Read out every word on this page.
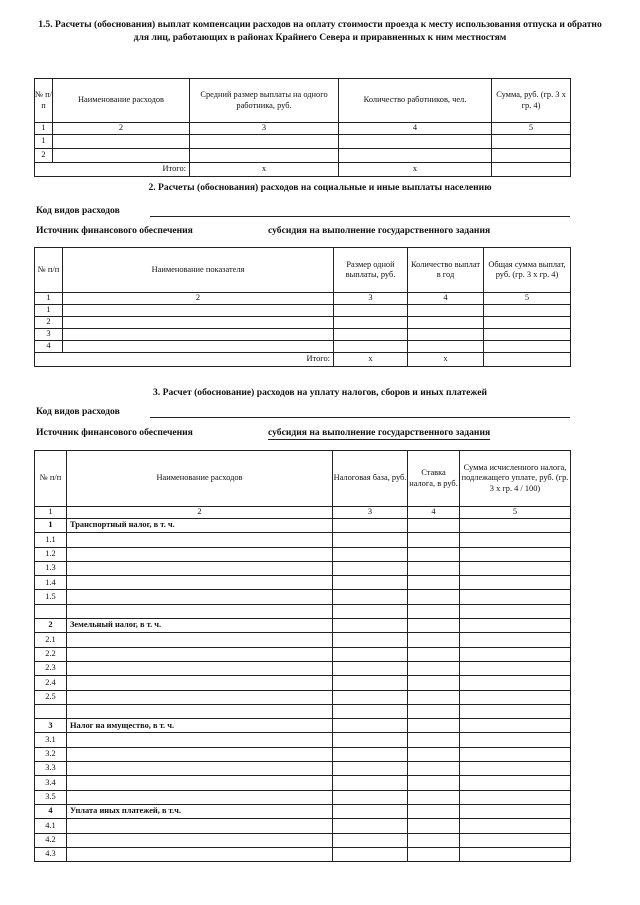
1.5. Расчеты (обоснования) выплат компенсации расходов на оплату стоимости проезда к месту использования отпуска и обратно для лиц, работающих в районах Крайнего Севера и приравненных к ним местностям
№ п/п	Наименование расходов	Средний размер выплаты на одного работника, руб.	Количество работников, чел.	Сумма, руб. (гр. 3 х гр. 4)
1	2	3	4	5
1				
2				
Итого:		х	х	
2. Расчеты (обоснования) расходов на социальные и иные выплаты населению
Код видов расходов
Источник финансового обеспечения	субсидия на выполнение государственного задания
№ п/п	Наименование показателя	Размер одной выплаты, руб.	Количество выплат в год	Общая сумма выплат, руб. (гр. 3 х гр. 4)
1	2	3	4	5
1				
2				
3				
4				
Итого:		х	х	
3. Расчет (обоснование) расходов на уплату налогов, сборов и иных платежей
Код видов расходов
Источник финансового обеспечения	субсидия на выполнение государственного задания
№ п/п	Наименование расходов	Налоговая база, руб.	Ставка налога, в руб.	Сумма исчисленного налога, подлежащего уплате, руб. (гр. 3 х гр. 4 / 100)
1	2	3	4	5
1	Транспортный налог, в т. ч.			
1.1				
1.2				
1.3				
1.4				
1.5				

2	Земельный налог, в т. ч.			
2.1				
2.2				
2.3				
2.4				
2.5				

3	Налог на имущество, в т. ч.			
3.1				
3.2				
3.3				
3.4				
3.5				
4	Уплата иных платежей, в т.ч.			
4.1				
4.2				
4.3				
